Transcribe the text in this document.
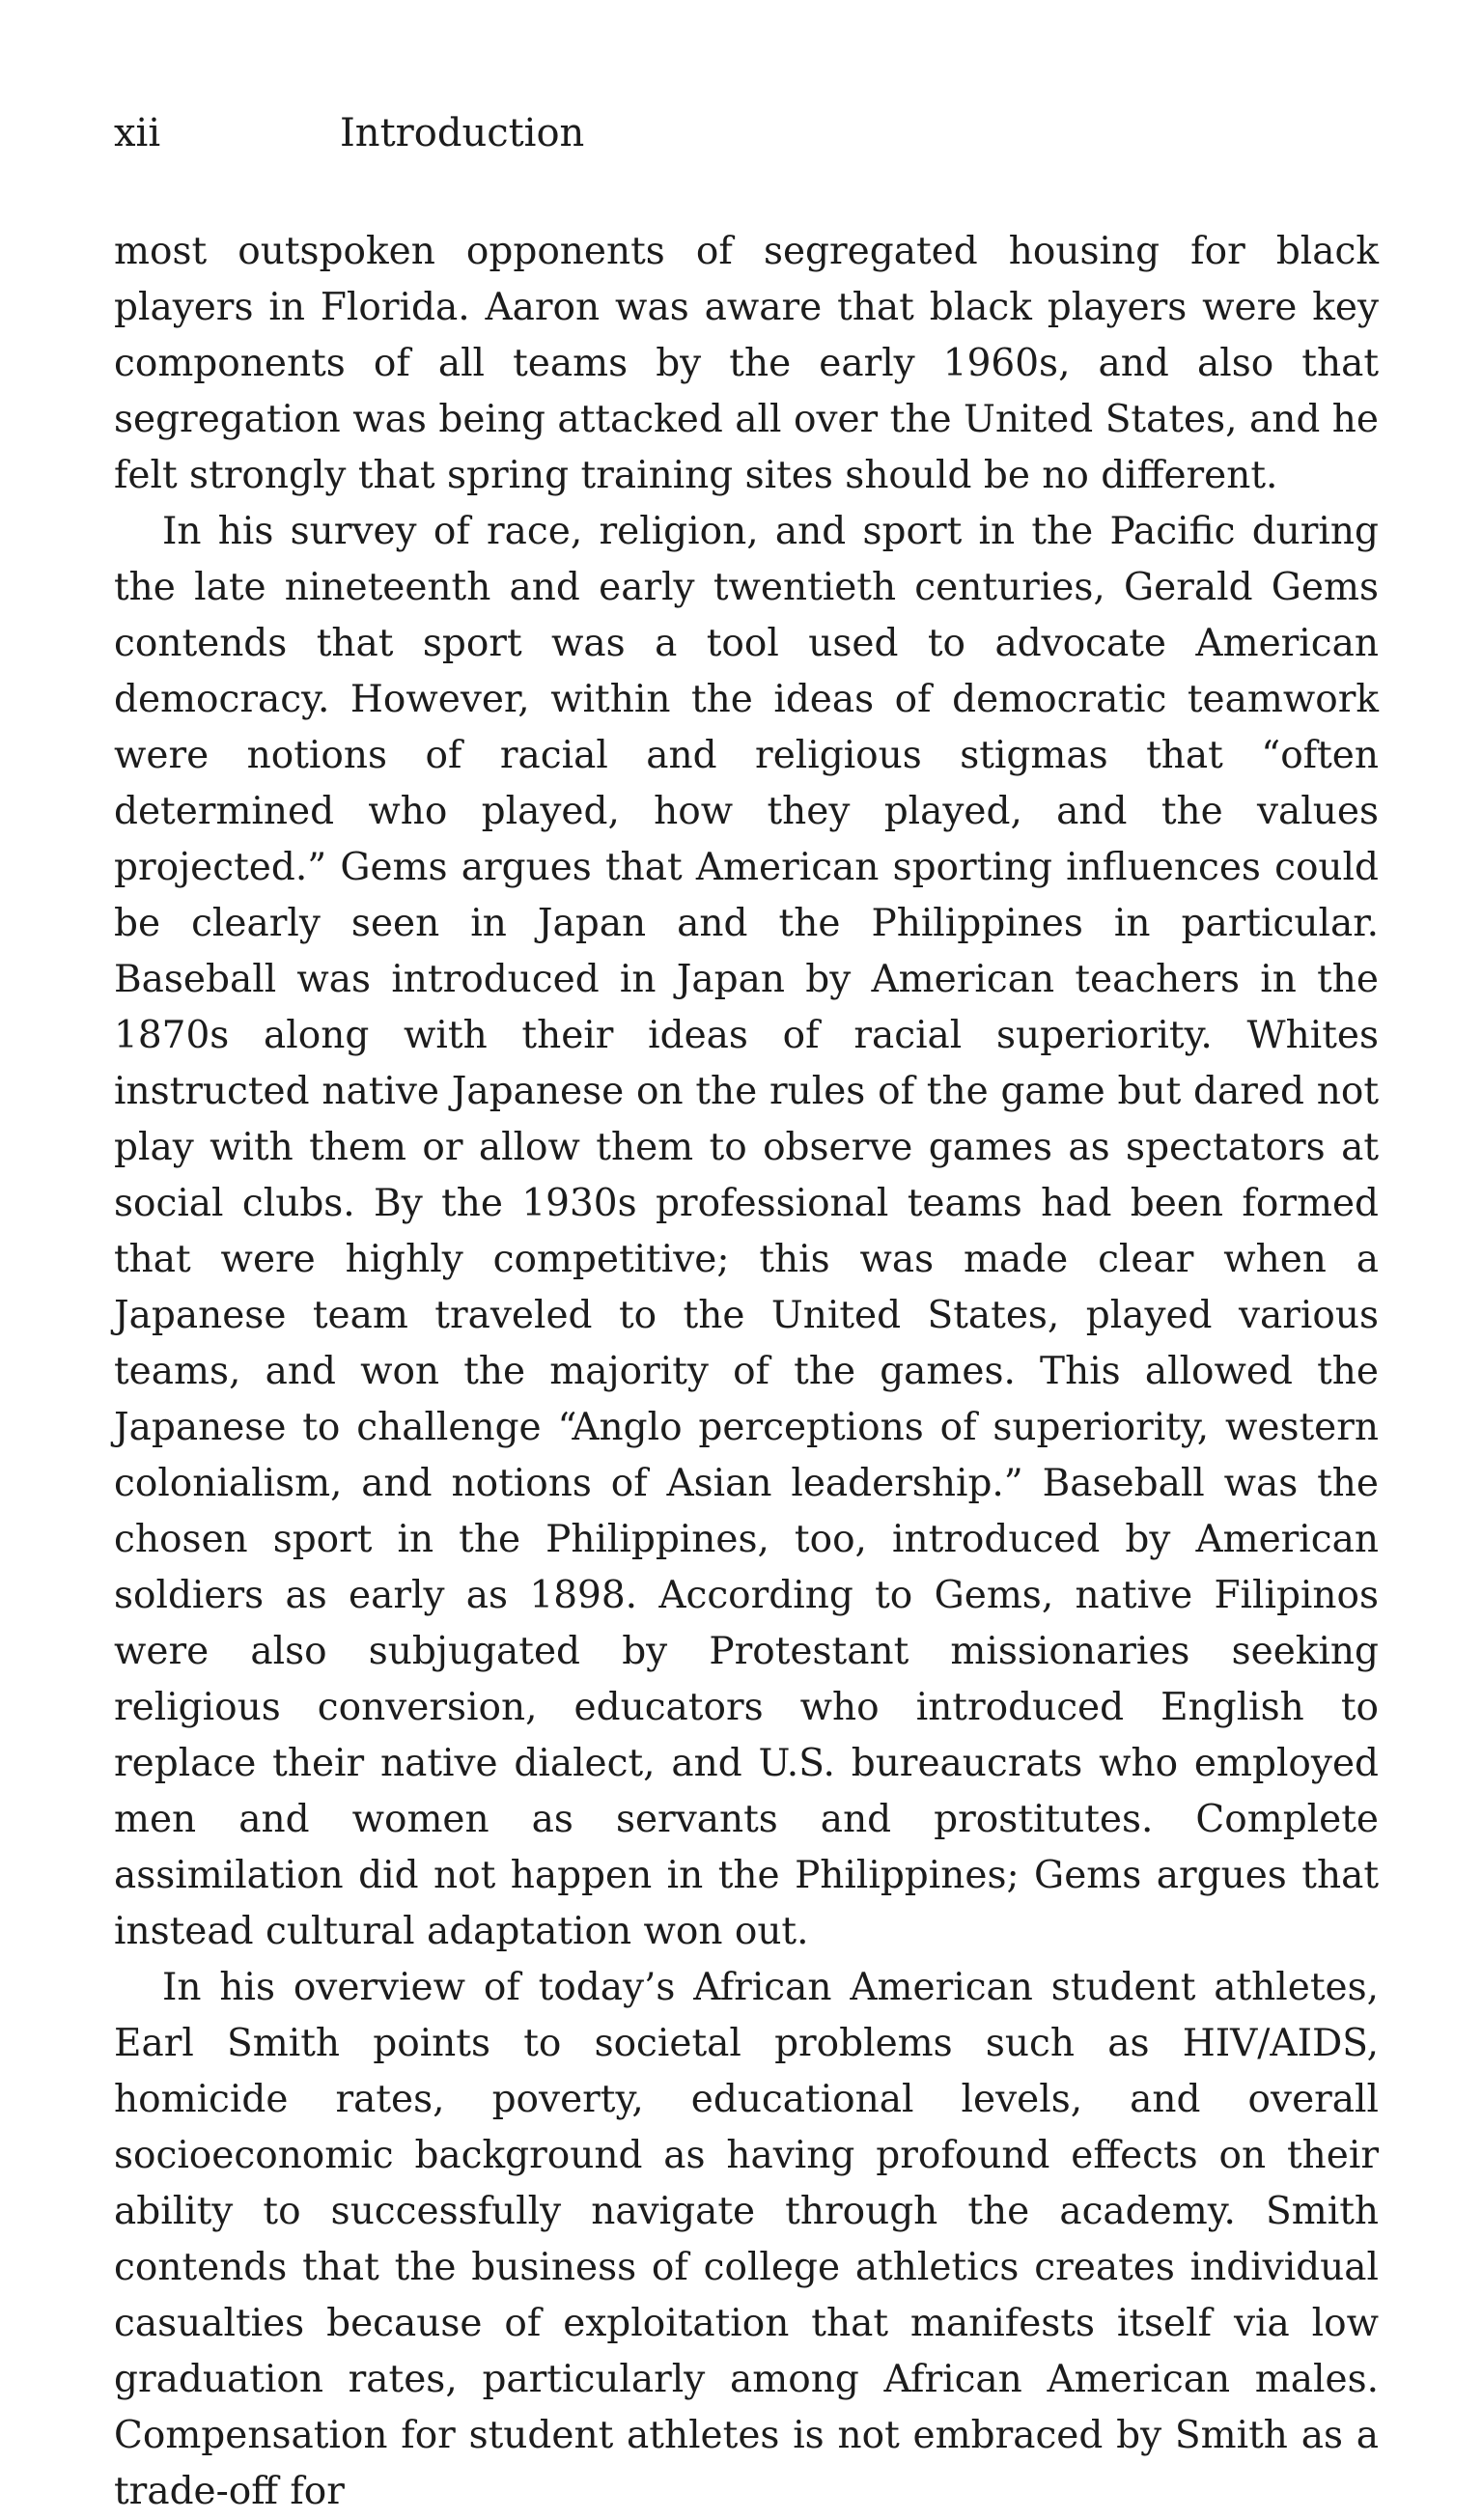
xii	Introduction

most outspoken opponents of segregated housing for black players in Florida. Aaron was aware that black players were key components of all teams by the early 1960s, and also that segregation was being attacked all over the United States, and he felt strongly that spring training sites should be no different.

In his survey of race, religion, and sport in the Pacific during the late nineteenth and early twentieth centuries, Gerald Gems contends that sport was a tool used to advocate American democracy. However, within the ideas of democratic teamwork were notions of racial and religious stigmas that “often determined who played, how they played, and the values projected.” Gems argues that American sporting influences could be clearly seen in Japan and the Philippines in particular. Baseball was introduced in Japan by American teachers in the 1870s along with their ideas of racial superiority. Whites instructed native Japanese on the rules of the game but dared not play with them or allow them to observe games as spectators at social clubs. By the 1930s professional teams had been formed that were highly competitive; this was made clear when a Japanese team traveled to the United States, played various teams, and won the majority of the games. This allowed the Japanese to challenge “Anglo perceptions of superiority, western colonialism, and notions of Asian leadership.” Baseball was the chosen sport in the Philippines, too, introduced by American soldiers as early as 1898. According to Gems, native Filipinos were also subjugated by Protestant missionaries seeking religious conversion, educators who introduced English to replace their native dialect, and U.S. bureaucrats who employed men and women as servants and prostitutes. Complete assimilation did not happen in the Philippines; Gems argues that instead cultural adaptation won out.

In his overview of today’s African American student athletes, Earl Smith points to societal problems such as HIV/AIDS, homicide rates, poverty, educational levels, and overall socioeconomic background as having profound effects on their ability to successfully navigate through the academy. Smith contends that the business of college athletics creates individual casualties because of exploitation that manifests itself via low graduation rates, particularly among African American males. Compensation for student athletes is not embraced by Smith as a trade-off for
